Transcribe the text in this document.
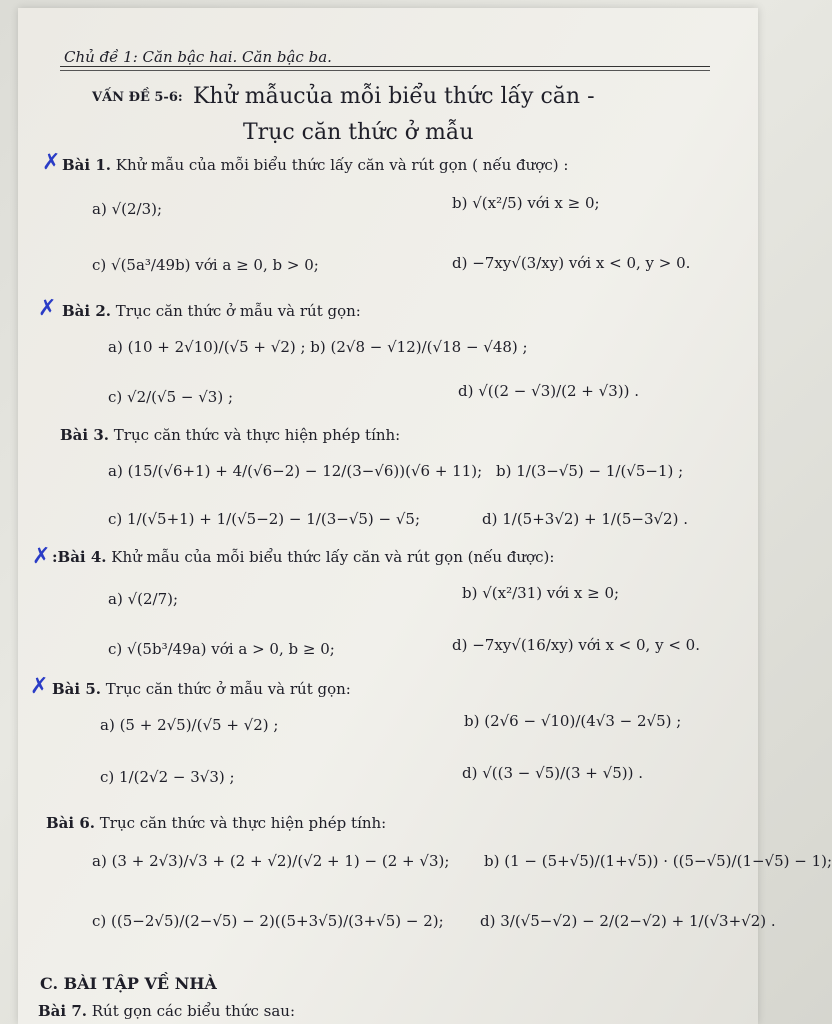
Chủ đề 1: Căn bậc hai. Căn bậc ba.
VẤN ĐỀ 5-6: Khử mẫucủa mỗi biểu thức lấy căn -
Trục căn thức ở mẫu
✗ Bài 1. Khử mẫu của mỗi biểu thức lấy căn và rút gọn ( nếu được) :
a) √(2/3);	b) √(x²/5) với x ≥ 0;
c) √(5a³/49b) với a ≥ 0, b > 0;	d) −7xy√(3/xy) với x < 0, y > 0.
✗ Bài 2. Trục căn thức ở mẫu và rút gọn:
a) (10 + 2√10)/(√5 + √2) ; b) (2√8 − √12)/(√18 − √48) ;
c) √2/(√5 − √3) ;	d) √((2 − √3)/(2 + √3)) .
Bài 3. Trục căn thức và thực hiện phép tính:
a) (15/(√6+1) + 4/(√6−2) − 12/(3−√6))(√6 + 11); b) 1/(3−√5) − 1/(√5−1) ;
c) 1/(√5+1) + 1/(√5−2) − 1/(3−√5) − √5;	d) 1/(5+3√2) + 1/(5−3√2) .
✗ :Bài 4. Khử mẫu của mỗi biểu thức lấy căn và rút gọn (nếu được):
a) √(2/7);	b) √(x²/31) với x ≥ 0;
c) √(5b³/49a) với a > 0, b ≥ 0;	d) −7xy√(16/xy) với x < 0, y < 0.
✗ Bài 5. Trục căn thức ở mẫu và rút gọn:
a) (5 + 2√5)/(√5 + √2) ;	b) (2√6 − √10)/(4√3 − 2√5) ;
c) 1/(2√2 − 3√3) ;	d) √((3 − √5)/(3 + √5)) .
Bài 6. Trục căn thức và thực hiện phép tính:
a) (3 + 2√3)/√3 + (2 + √2)/(√2 + 1) − (2 + √3); b) (1 − (5+√5)/(1+√5)) · ((5−√5)/(1−√5) − 1);
c) ((5−2√5)/(2−√5) − 2)((5+3√5)/(3+√5) − 2); d) 3/(√5−√2) − 2/(2−√2) + 1/(√3+√2) .
C. BÀI TẬP VỀ NHÀ
Bài 7. Rút gọn các biểu thức sau:
